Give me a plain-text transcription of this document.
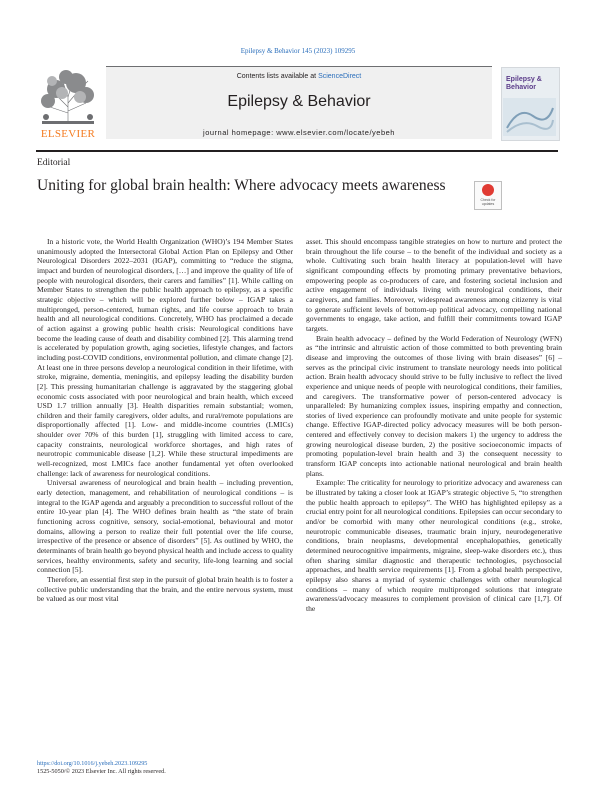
Epilepsy & Behavior 145 (2023) 109295
ELSEVIER
Contents lists available at ScienceDirect
Epilepsy & Behavior
journal homepage: www.elsevier.com/locate/yebeh
Epilepsy & Behavior
Editorial
Uniting for global brain health: Where advocacy meets awareness
Check for updates

In a historic vote, the World Health Organization (WHO)’s 194 Member States unanimously adopted the Intersectoral Global Action Plan on Epilepsy and Other Neurological Disorders 2022–2031 (IGAP), committing to “reduce the stigma, impact and burden of neurological disorders, […] and improve the quality of life of people with neurological disorders, their carers and families” [1]. While calling on Member States to strengthen the public health approach to epilepsy, as a specific strategic objective – which will be explored further below – IGAP takes a multipronged, person-centered, human rights, and life course approach to brain health and all neurological conditions. Concretely, WHO has proclaimed a decade of action against a growing public health crisis: Neurological conditions have become the leading cause of death and disability combined [2]. This alarming trend is accelerated by population growth, aging societies, lifestyle changes, and factors including post-COVID conditions, environmental pollution, and climate change [2]. At least one in three persons develop a neurological condition in their lifetime, with stroke, migraine, dementia, meningitis, and epilepsy leading the disability burden [2]. This pressing humanitarian challenge is aggravated by the staggering global economic costs associated with poor neurological and brain health, which exceed USD 1.7 trillion annually [3]. Health disparities remain substantial; women, children and their family caregivers, older adults, and rural/remote populations are disproportionally affected [1]. Low- and middle-income countries (LMICs) shoulder over 70% of this burden [1], struggling with limited access to care, capacity constraints, neurological workforce shortages, and high rates of neurotropic communicable disease [1,2]. While these structural impediments are well-recognized, most LMICs face another fundamental yet often overlooked challenge: lack of awareness for neurological conditions.

Universal awareness of neurological and brain health – including prevention, early detection, management, and rehabilitation of neurological conditions – is integral to the IGAP agenda and arguably a precondition to successful rollout of the entire 10-year plan [4]. The WHO defines brain health as “the state of brain functioning across cognitive, sensory, social-emotional, behavioural and motor domains, allowing a person to realize their full potential over the life course, irrespective of the presence or absence of disorders” [5]. As outlined by WHO, the determinants of brain health go beyond physical health and include access to quality services, healthy environments, safety and security, life-long learning and social connection [5].

Therefore, an essential first step in the pursuit of global brain health is to foster a collective public understanding that the brain, and the entire nervous system, must be valued as our most vital

asset. This should encompass tangible strategies on how to nurture and protect the brain throughout the life course – to the benefit of the individual and society as a whole. Cultivating such brain health literacy at population-level will have significant compounding effects by promoting primary preventative behaviors, empowering people as co-producers of care, and fostering societal inclusion and active engagement of individuals living with neurological conditions, their caregivers, and families. Moreover, widespread awareness among citizenry is vital to generate sufficient levels of bottom-up political advocacy, compelling national governments to engage, take action, and fulfill their commitments toward IGAP targets.

Brain health advocacy – defined by the World Federation of Neurology (WFN) as “the intrinsic and altruistic action of those committed to both preventing brain disease and improving the outcomes of those living with brain diseases” [6] – serves as the principal civic instrument to translate neurology needs into political action. Brain health advocacy should strive to be fully inclusive to reflect the lived experience and unique needs of people with neurological conditions, their families, and caregivers. The transformative power of person-centered advocacy is unparalleled: By humanizing complex issues, inspiring empathy and connection, stories of lived experience can profoundly motivate and unite people for systemic change. Effective IGAP-directed policy advocacy measures will be both person-centered and effectively convey to decision makers 1) the urgency to address the growing neurological disease burden, 2) the positive socioeconomic impacts of promoting population-level brain health and 3) the consequent necessity to transform IGAP concepts into actionable national neurological and brain health plans.

Example: The criticality for neurology to prioritize advocacy and awareness can be illustrated by taking a closer look at IGAP’s strategic objective 5, “to strengthen the public health approach to epilepsy”. The WHO has highlighted epilepsy as a crucial entry point for all neurological conditions. Epilepsies can occur secondary to and/or be comorbid with many other neurological conditions (e.g., stroke, neurotropic communicable diseases, traumatic brain injury, neurodegenerative conditions, brain neoplasms, developmental encephalopathies, genetically determined neurocognitive impairments, migraine, sleep-wake disorders etc.), thus often sharing similar diagnostic and therapeutic technologies, psychosocial approaches, and health service requirements [1]. From a global health perspective, epilepsy also shares a myriad of systemic challenges with other neurological conditions – many of which require multipronged solutions that integrate awareness/advocacy measures to complement provision of clinical care [1,7]. Of the

https://doi.org/10.1016/j.yebeh.2023.109295
1525-5050/© 2023 Elsevier Inc. All rights reserved.
